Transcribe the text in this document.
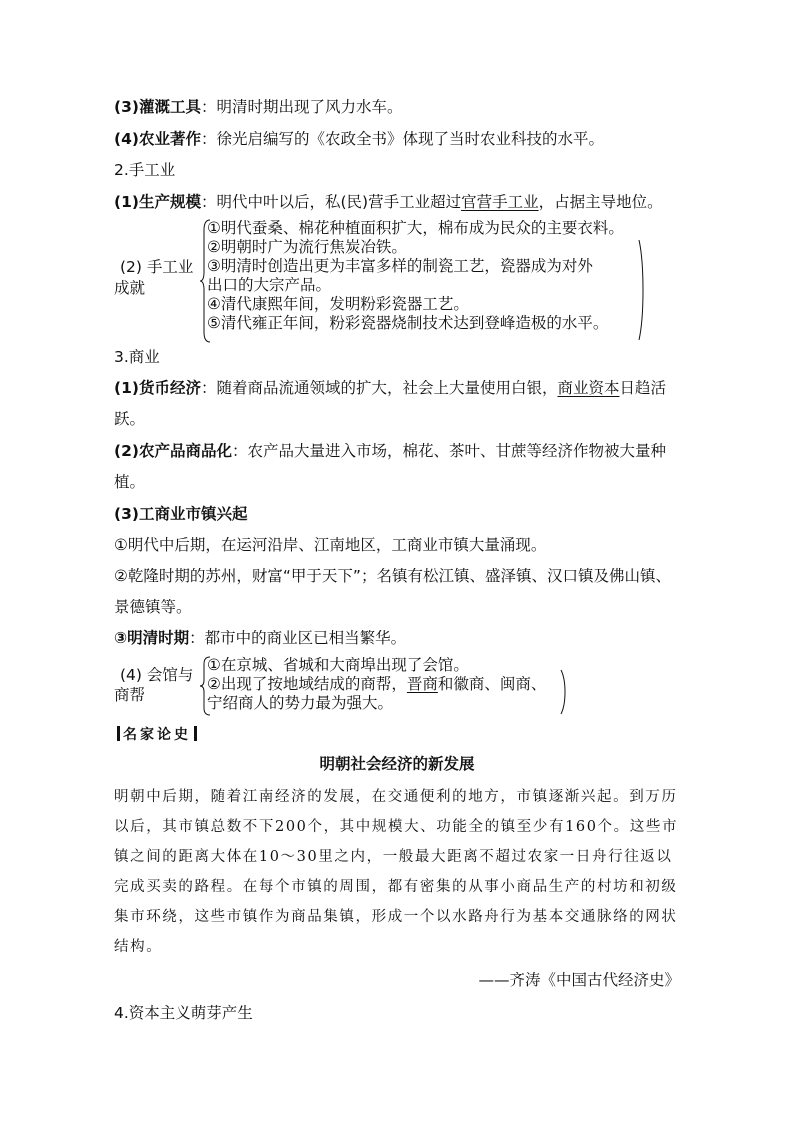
(3)灌溉工具：明清时期出现了风力水车。
(4)农业著作：徐光启编写的《农政全书》体现了当时农业科技的水平。
2.手工业
(1)生产规模：明代中叶以后，私(民)营手工业超过官营手工业，占据主导地位。
(2) 手工业
成就
①明代蚕桑、棉花种植面积扩大，棉布成为民众的主要衣料。
②明朝时广为流行焦炭冶铁。
③明清时创造出更为丰富多样的制瓷工艺，瓷器成为对外
出口的大宗产品。
④清代康熙年间，发明粉彩瓷器工艺。
⑤清代雍正年间，粉彩瓷器烧制技术达到登峰造极的水平。
3.商业
(1)货币经济：随着商品流通领域的扩大，社会上大量使用白银，商业资本日趋活
跃。
(2)农产品商品化：农产品大量进入市场，棉花、茶叶、甘蔗等经济作物被大量种
植。
(3)工商业市镇兴起
①明代中后期，在运河沿岸、江南地区，工商业市镇大量涌现。
②乾隆时期的苏州，财富“甲于天下”；名镇有松江镇、盛泽镇、汉口镇及佛山镇、
景德镇等。
③明清时期：都市中的商业区已相当繁华。
(4) 会馆与
商帮
①在京城、省城和大商埠出现了会馆。
②出现了按地域结成的商帮，晋商和徽商、闽商、
宁绍商人的势力最为强大。
名家论史
明朝社会经济的新发展

明朝中后期，随着江南经济的发展，在交通便利的地方，市镇逐渐兴起。到万历以后，其市镇总数不下200个，其中规模大、功能全的镇至少有160个。这些市镇之间的距离大体在10～30里之内，一般最大距离不超过农家一日舟行往返以完成买卖的路程。在每个市镇的周围，都有密集的从事小商品生产的村坊和初级集市环绕，这些市镇作为商品集镇，形成一个以水路舟行为基本交通脉络的网状结构。

——齐涛《中国古代经济史》
4.资本主义萌芽产生
